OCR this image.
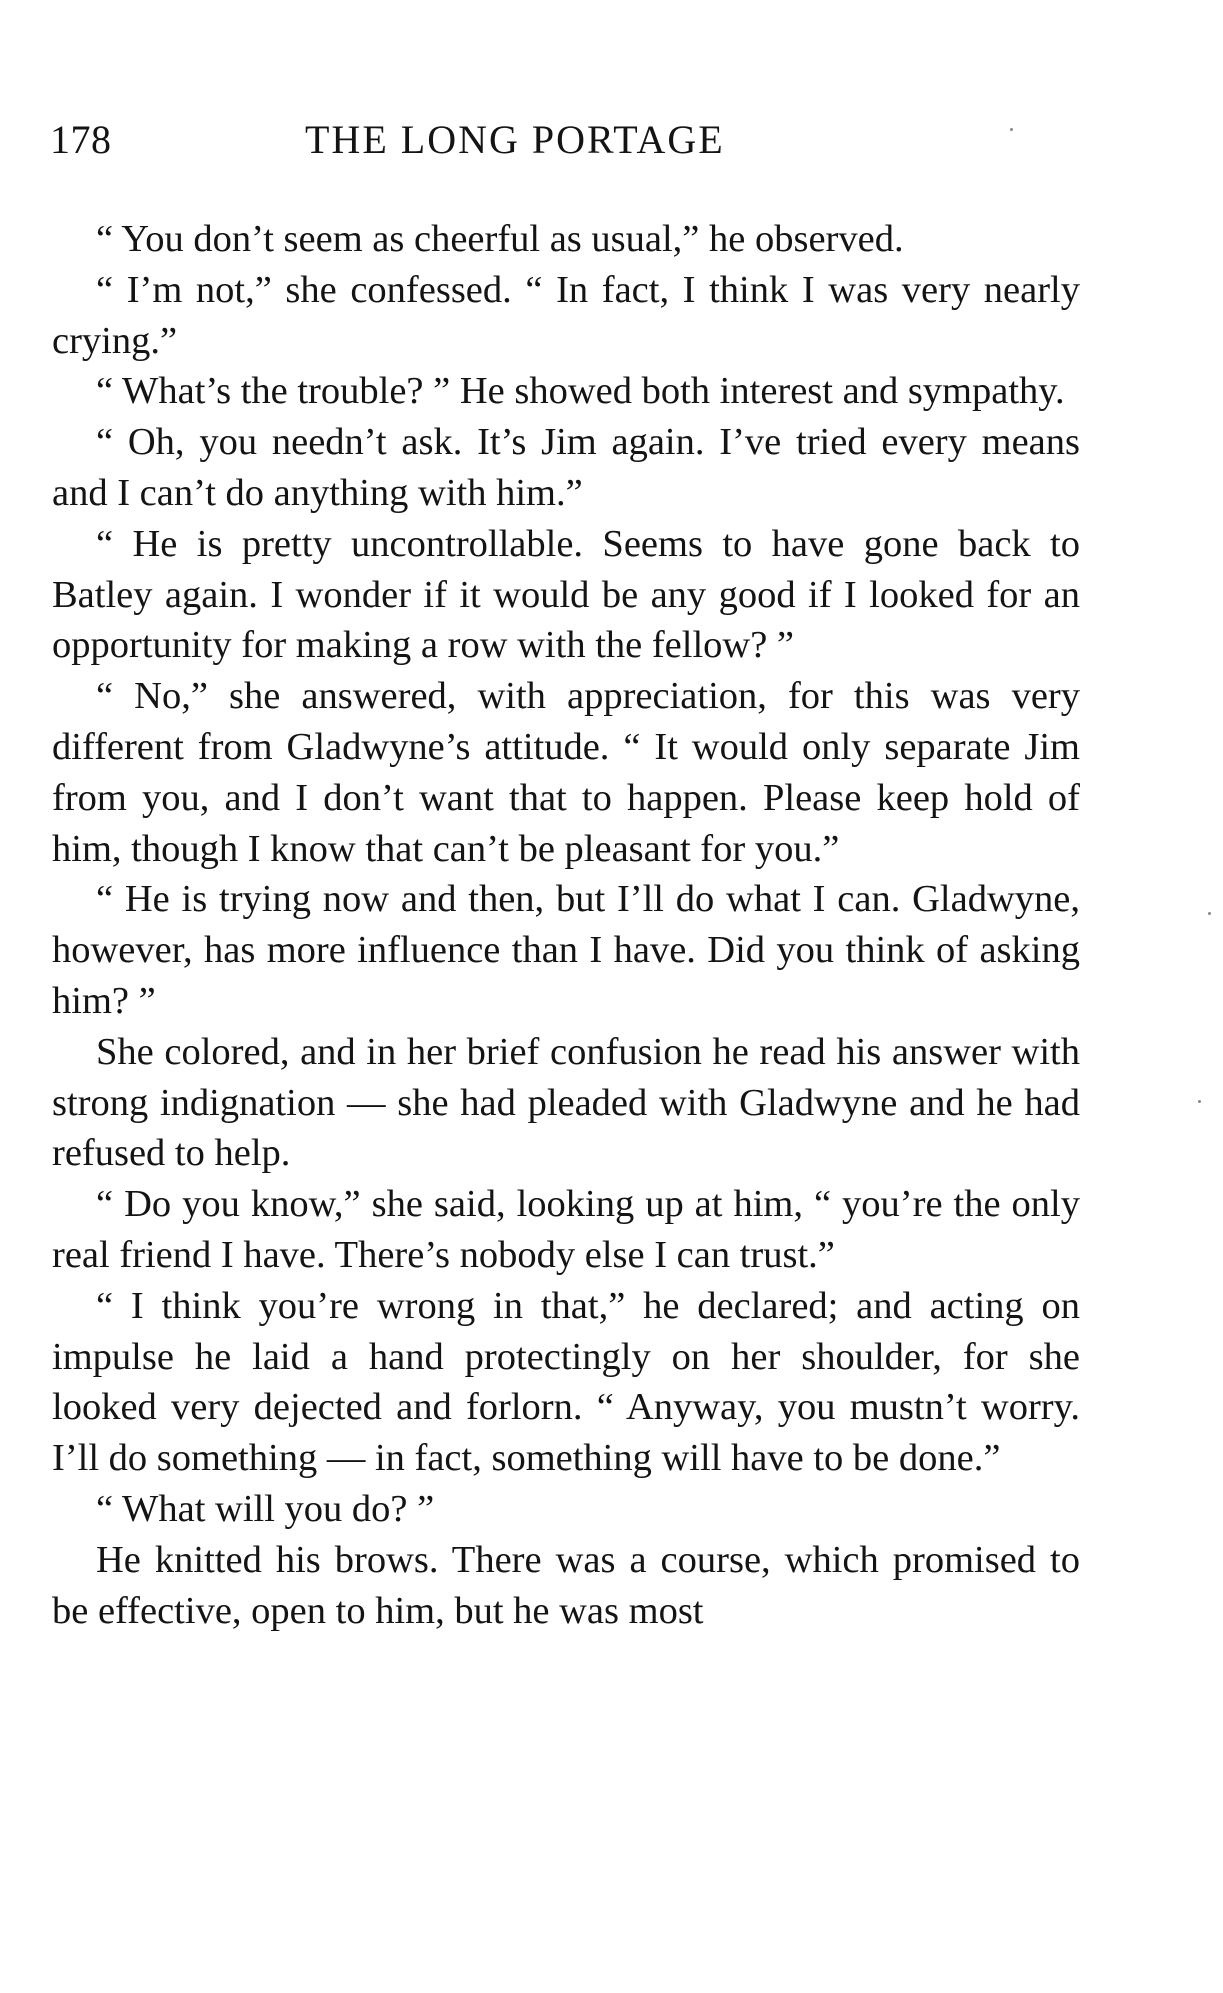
178	THE LONG PORTAGE

“ You don’t seem as cheerful as usual,” he observed.

“ I’m not,” she confessed. “ In fact, I think I was very nearly crying.”

“ What’s the trouble? ” He showed both interest and sympathy.

“ Oh, you needn’t ask. It’s Jim again. I’ve tried every means and I can’t do anything with him.”

“ He is pretty uncontrollable. Seems to have gone back to Batley again. I wonder if it would be any good if I looked for an opportunity for making a row with the fellow? ”

“ No,” she answered, with appreciation, for this was very different from Gladwyne’s attitude. “ It would only separate Jim from you, and I don’t want that to happen. Please keep hold of him, though I know that can’t be pleasant for you.”

“ He is trying now and then, but I’ll do what I can. Gladwyne, however, has more influence than I have. Did you think of asking him? ”

She colored, and in her brief confusion he read his answer with strong indignation — she had pleaded with Gladwyne and he had refused to help.

“ Do you know,” she said, looking up at him, “ you’re the only real friend I have. There’s nobody else I can trust.”

“ I think you’re wrong in that,” he declared; and acting on impulse he laid a hand protectingly on her shoulder, for she looked very dejected and forlorn. “ Anyway, you mustn’t worry. I’ll do something — in fact, something will have to be done.”

“ What will you do? ”

He knitted his brows. There was a course, which promised to be effective, open to him, but he was most
